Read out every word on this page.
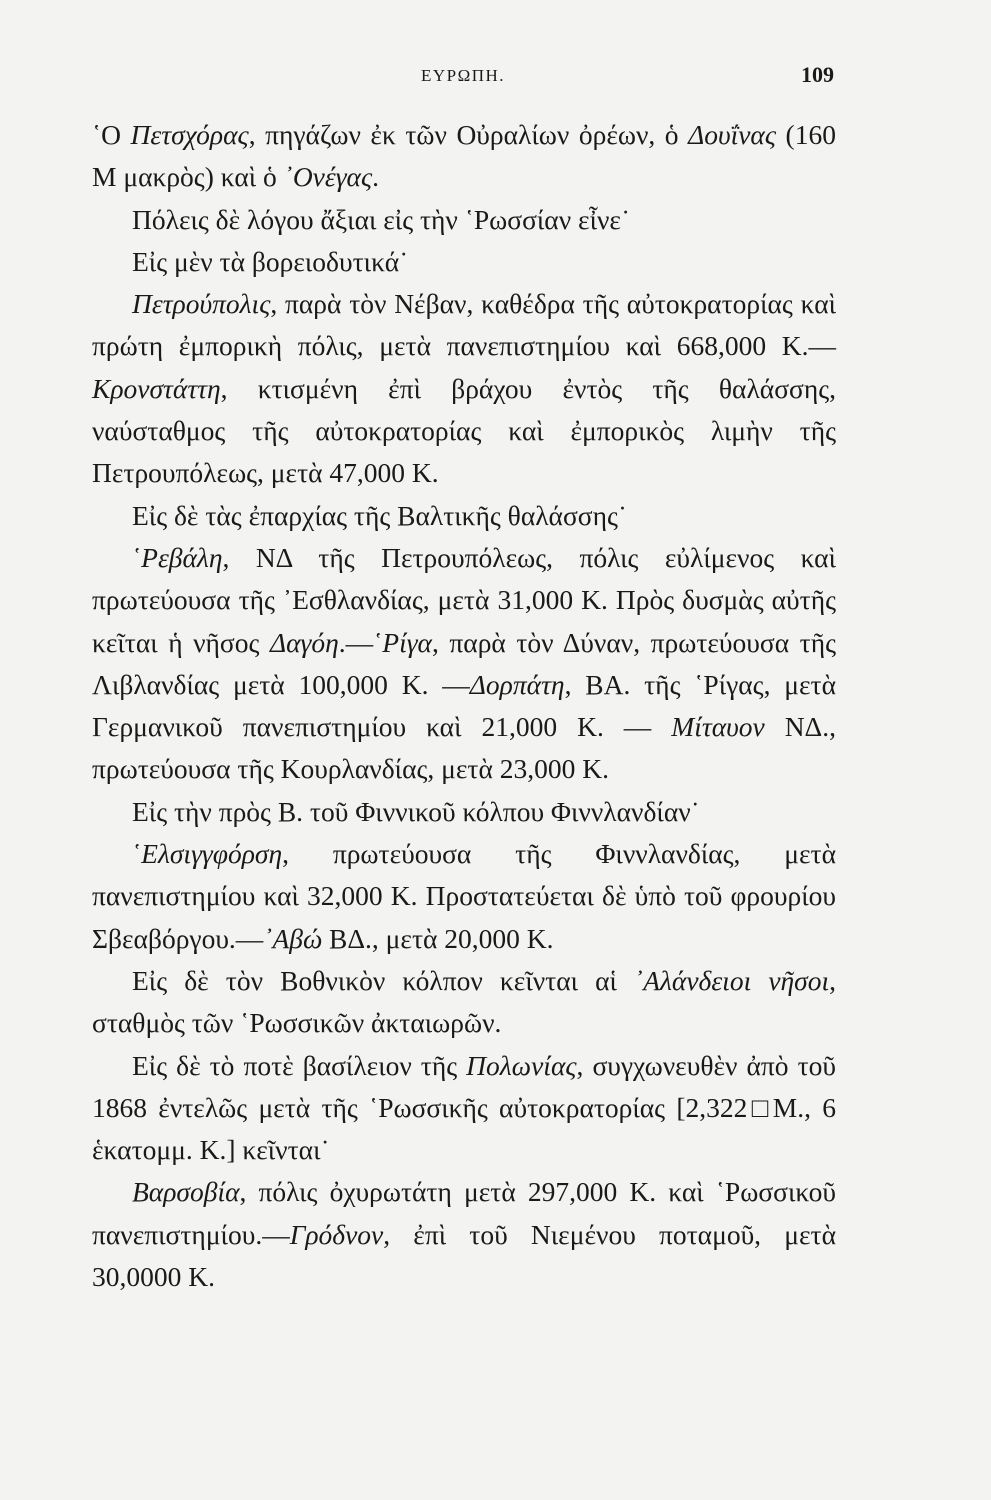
ΕΥΡΩΠΗ.	109

῾Ο Πετσχόρας, πηγάζων ἐκ τῶν Οὐραλίων ὀρέων, ὁ Δουΐνας (160 Μ μακρὸς) καὶ ὁ ᾿Ονέγας.

Πόλεις δὲ λόγου ἄξιαι εἰς τὴν ῾Ρωσσίαν εἶνε˙

Εἰς μὲν τὰ βορειοδυτικά˙

Πετρούπολις, παρὰ τὸν Νέβαν, καθέδρα τῆς αὐτοκρατορίας καὶ πρώτη ἐμπορικὴ πόλις, μετὰ πανεπιστημίου καὶ 668,000 Κ.—Κρονστάττη, κτισμένη ἐπὶ βράχου ἐντὸς τῆς θαλάσσης, ναύσταθμος τῆς αὐτοκρατορίας καὶ ἐμπορικὸς λιμὴν τῆς Πετρουπόλεως, μετὰ 47,000 Κ.

Εἰς δὲ τὰς ἐπαρχίας τῆς Βαλτικῆς θαλάσσης˙

῾Ρεβάλη, ΝΔ τῆς Πετρουπόλεως, πόλις εὐλίμενος καὶ πρωτεύουσα τῆς ᾿Εσθλανδίας, μετὰ 31,000 Κ. Πρὸς δυσμὰς αὐτῆς κεῖται ἡ νῆσος Δαγόη.—῾Ρίγα, παρὰ τὸν Δύναν, πρωτεύουσα τῆς Λιβλανδίας μετὰ 100,000 Κ. —Δορπάτη, ΒΑ. τῆς ῾Ρίγας, μετὰ Γερμανικοῦ πανεπιστημίου καὶ 21,000 Κ. — Μίταυον ΝΔ., πρωτεύουσα τῆς Κουρλανδίας, μετὰ 23,000 Κ.

Εἰς τὴν πρὸς Β. τοῦ Φιννικοῦ κόλπου Φιννλανδίαν˙

῾Ελσιγγφόρση, πρωτεύουσα τῆς Φιννλανδίας, μετὰ πανεπιστημίου καὶ 32,000 Κ. Προστατεύεται δὲ ὑπὸ τοῦ φρουρίου Σβεαβόργου.—᾿Αβώ ΒΔ., μετὰ 20,000 Κ.

Εἰς δὲ τὸν Βοθνικὸν κόλπον κεῖνται αἱ ᾿Αλάνδειοι νῆσοι, σταθμὸς τῶν ῾Ρωσσικῶν ἀκταιωρῶν.

Εἰς δὲ τὸ ποτὲ βασίλειον τῆς Πολωνίας, συγχωνευθὲν ἀπὸ τοῦ 1868 ἐντελῶς μετὰ τῆς ῾Ρωσσικῆς αὐτοκρατορίας [2,322□Μ., 6 ἑκατομμ. Κ.] κεῖνται˙

Βαρσοβία, πόλις ὀχυρωτάτη μετὰ 297,000 Κ. καὶ ῾Ρωσσικοῦ πανεπιστημίου.—Γρόδνον, ἐπὶ τοῦ Νιεμένου ποταμοῦ, μετὰ 30,0000 Κ.
